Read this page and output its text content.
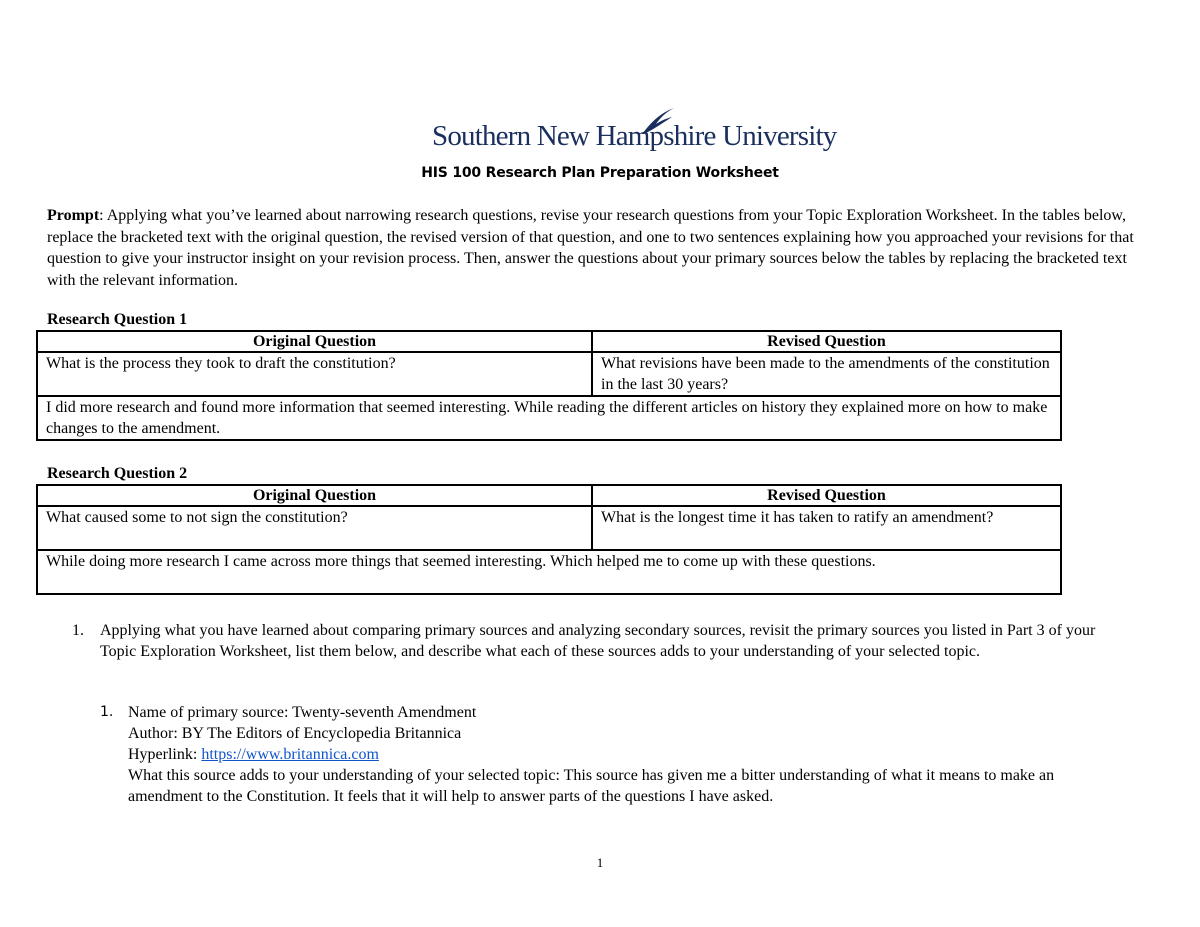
Southern New Hampshire University
HIS 100 Research Plan Preparation Worksheet
Prompt: Applying what you’ve learned about narrowing research questions, revise your research questions from your Topic Exploration Worksheet. In the tables below, replace the bracketed text with the original question, the revised version of that question, and one to two sentences explaining how you approached your revisions for that question to give your instructor insight on your revision process. Then, answer the questions about your primary sources below the tables by replacing the bracketed text with the relevant information.
Research Question 1
Original Question	Revised Question
What is the process they took to draft the constitution?	What revisions have been made to the amendments of the constitution in the last 30 years?
I did more research and found more information that seemed interesting. While reading the different articles on history they explained more on how to make changes to the amendment.	
Research Question 2
Original Question	Revised Question
What caused some to not sign the constitution?	What is the longest time it has taken to ratify an amendment?
While doing more research I came across more things that seemed interesting. Which helped me to come up with these questions.	
1. Applying what you have learned about comparing primary sources and analyzing secondary sources, revisit the primary sources you listed in Part 3 of your Topic Exploration Worksheet, list them below, and describe what each of these sources adds to your understanding of your selected topic.
1. Name of primary source: Twenty-seventh Amendment
Author: BY The Editors of Encyclopedia Britannica
Hyperlink: https://www.britannica.com
What this source adds to your understanding of your selected topic: This source has given me a bitter understanding of what it means to make an amendment to the Constitution. It feels that it will help to answer parts of the questions I have asked.
1
